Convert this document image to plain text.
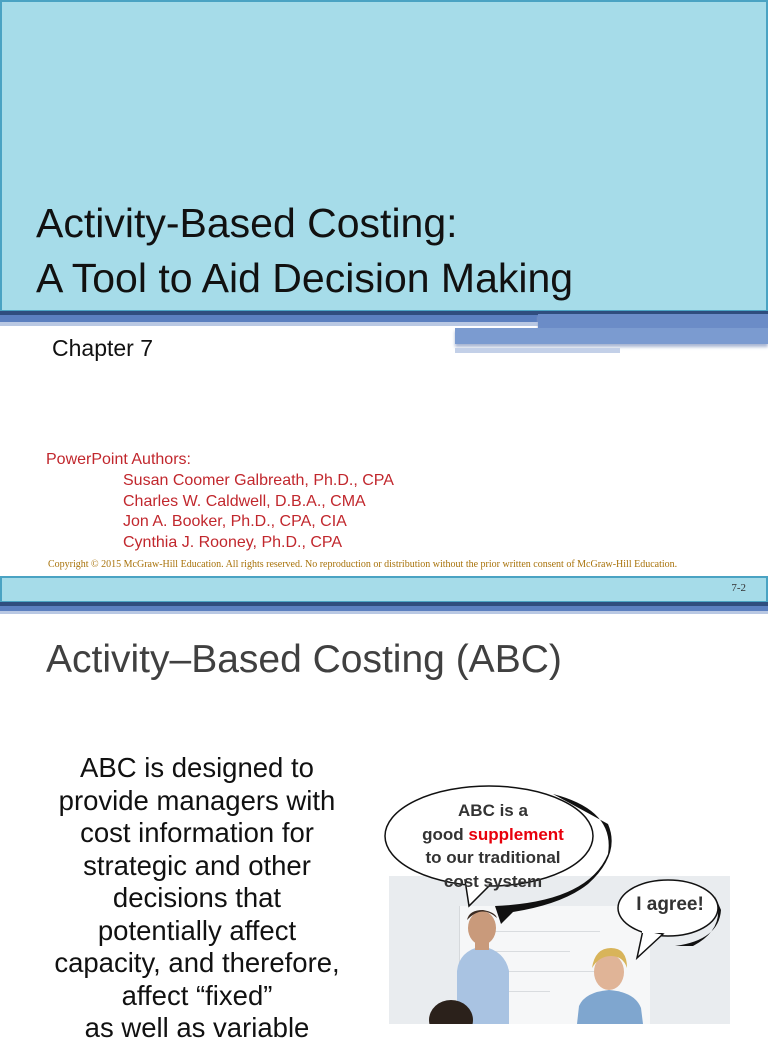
Activity-Based Costing:
A Tool to Aid Decision Making
Chapter 7
PowerPoint Authors:
Susan Coomer Galbreath, Ph.D., CPA
Charles W. Caldwell, D.B.A., CMA
Jon A. Booker, Ph.D., CPA, CIA
Cynthia J. Rooney, Ph.D., CPA
Copyright © 2015 McGraw-Hill Education. All rights reserved. No reproduction or distribution without the prior written consent of McGraw-Hill Education.
7-2
Activity–Based Costing (ABC)
ABC is designed to
provide managers with
cost information for
strategic and other
decisions that
potentially affect
capacity, and therefore,
affect “fixed”
as well as variable
ABC is a
good supplement
to our traditional
cost system
I agree!
